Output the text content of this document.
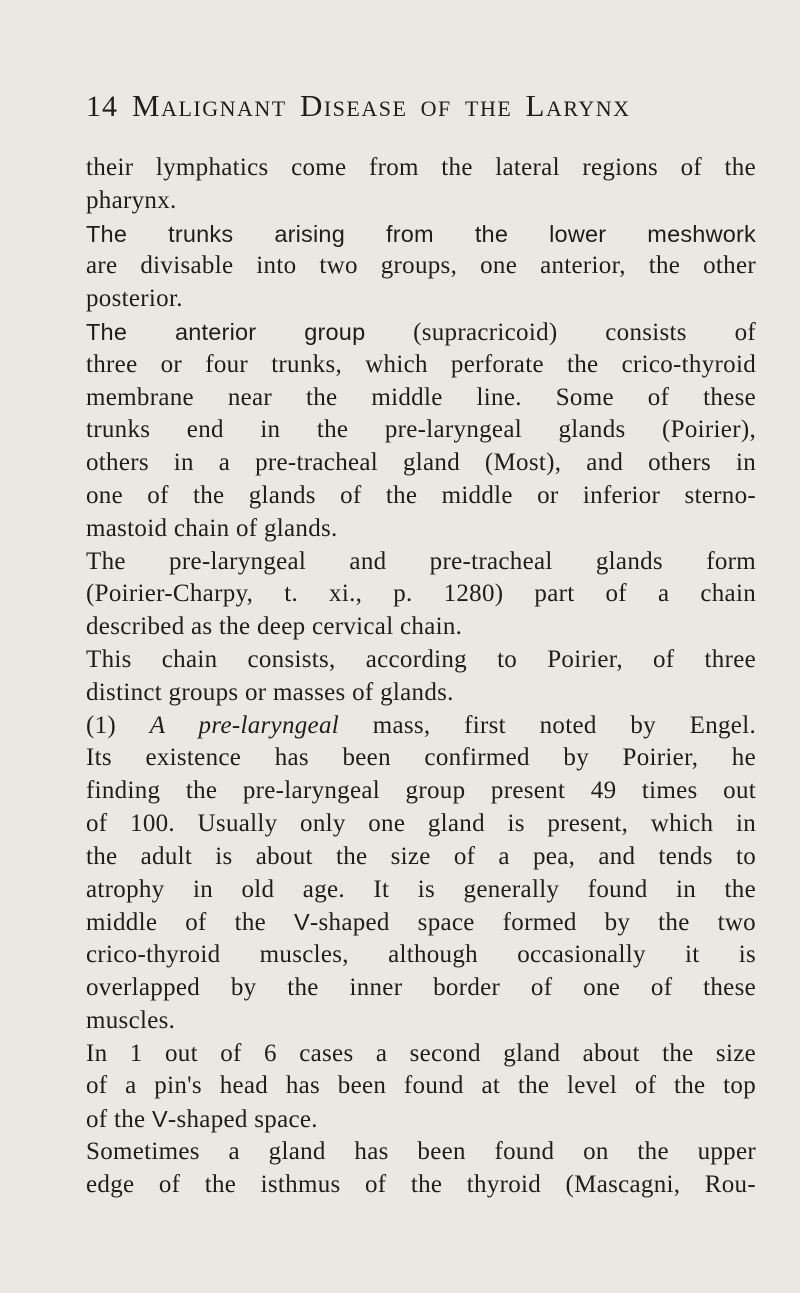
14 Malignant Disease of the Larynx
their lymphatics come from the lateral regions of the
pharynx.
The trunks arising from the lower meshwork
are divisable into two groups, one anterior, the other
posterior.
The anterior group (supracricoid) consists of
three or four trunks, which perforate the crico-thyroid
membrane near the middle line. Some of these
trunks end in the pre-laryngeal glands (Poirier),
others in a pre-tracheal gland (Most), and others in
one of the glands of the middle or inferior sterno-
mastoid chain of glands.
The pre-laryngeal and pre-tracheal glands form
(Poirier-Charpy, t. xi., p. 1280) part of a chain
described as the deep cervical chain.
This chain consists, according to Poirier, of three
distinct groups or masses of glands.
(1) A pre-laryngeal mass, first noted by Engel.
Its existence has been confirmed by Poirier, he
finding the pre-laryngeal group present 49 times out
of 100. Usually only one gland is present, which in
the adult is about the size of a pea, and tends to
atrophy in old age. It is generally found in the
middle of the V-shaped space formed by the two
crico-thyroid muscles, although occasionally it is
overlapped by the inner border of one of these
muscles.
In 1 out of 6 cases a second gland about the size
of a pin's head has been found at the level of the top
of the V-shaped space.
Sometimes a gland has been found on the upper
edge of the isthmus of the thyroid (Mascagni, Rou-
